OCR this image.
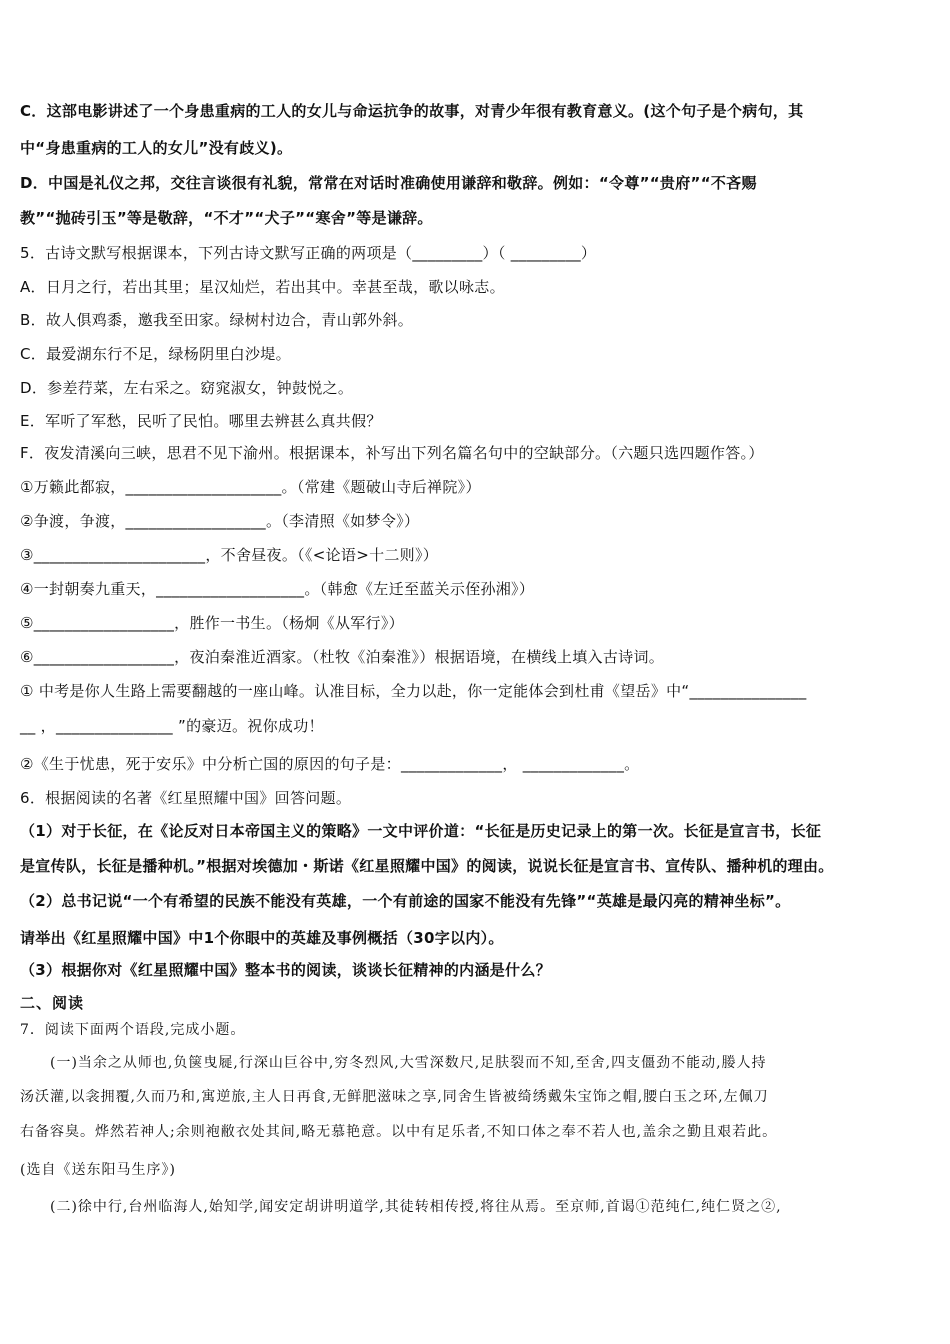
C．这部电影讲述了一个身患重病的工人的女儿与命运抗争的故事，对青少年很有教育意义。(这个句子是个病句，其
中“身患重病的工人的女儿”没有歧义)。
D．中国是礼仪之邦，交往言谈很有礼貌，常常在对话时准确使用谦辞和敬辞。例如：“令尊”“贵府”“不吝赐
教”“抛砖引玉”等是敬辞，“不才”“犬子”“寒舍”等是谦辞。
5．古诗文默写根据课本，下列古诗文默写正确的两项是（_________）（ _________）
A．日月之行，若出其里；星汉灿烂，若出其中。幸甚至哉，歌以咏志。
B．故人俱鸡黍，邀我至田家。绿树村边合，青山郭外斜。
C．最爱湖东行不足，绿杨阴里白沙堤。
D．参差荇菜，左右采之。窈窕淑女，钟鼓悦之。
E．军听了军愁，民听了民怕。哪里去辨甚么真共假？
F．夜发清溪向三峡，思君不见下渝州。根据课本，补写出下列名篇名句中的空缺部分。（六题只选四题作答。）
①万籁此都寂，____________________。（常建《题破山寺后禅院》）
②争渡，争渡，__________________。（李清照《如梦令》）
③______________________，不舍昼夜。（《<论语>十二则》）
④一封朝奏九重天，___________________。（韩愈《左迁至蓝关示侄孙湘》）
⑤__________________，胜作一书生。（杨炯《从军行》）
⑥__________________，夜泊秦淮近酒家。（杜牧《泊秦淮》）根据语境，在横线上填入古诗词。
① 中考是你人生路上需要翻越的一座山峰。认准目标，全力以赴，你一定能体会到杜甫《望岳》中“_______________
__ ，_______________ ”的豪迈。祝你成功！
②《生于忧患，死于安乐》中分析亡国的原因的句子是：_____________， _____________。
6．根据阅读的名著《红星照耀中国》回答问题。
（1）对于长征，在《论反对日本帝国主义的策略》一文中评价道：“长征是历史记录上的第一次。长征是宣言书，长征
是宣传队，长征是播种机。”根据对埃德加・斯诺《红星照耀中国》的阅读，说说长征是宣言书、宣传队、播种机的理由。
（2）总书记说“一个有希望的民族不能没有英雄，一个有前途的国家不能没有先锋”“英雄是最闪亮的精神坐标”。
请举出《红星照耀中国》中1个你眼中的英雄及事例概括（30字以内）。
（3）根据你对《红星照耀中国》整本书的阅读，谈谈长征精神的内涵是什么？
二、阅读
7．阅读下面两个语段,完成小题。
(一)当余之从师也,负箧曳屣,行深山巨谷中,穷冬烈风,大雪深数尺,足肤裂而不知,至舍,四支僵劲不能动,媵人持
汤沃灌,以衾拥覆,久而乃和,寓逆旅,主人日再食,无鲜肥滋味之享,同舍生皆被绮绣戴朱宝饰之帽,腰白玉之环,左佩刀
右备容臭。烨然若神人;余则袍敝衣处其间,略无慕艳意。以中有足乐者,不知口体之奉不若人也,盖余之勤且艰若此。
(选自《送东阳马生序》)
(二)徐中行,台州临海人,始知学,闻安定胡讲明道学,其徒转相传授,将往从焉。至京师,首谒①范纯仁,纯仁贤之②,
